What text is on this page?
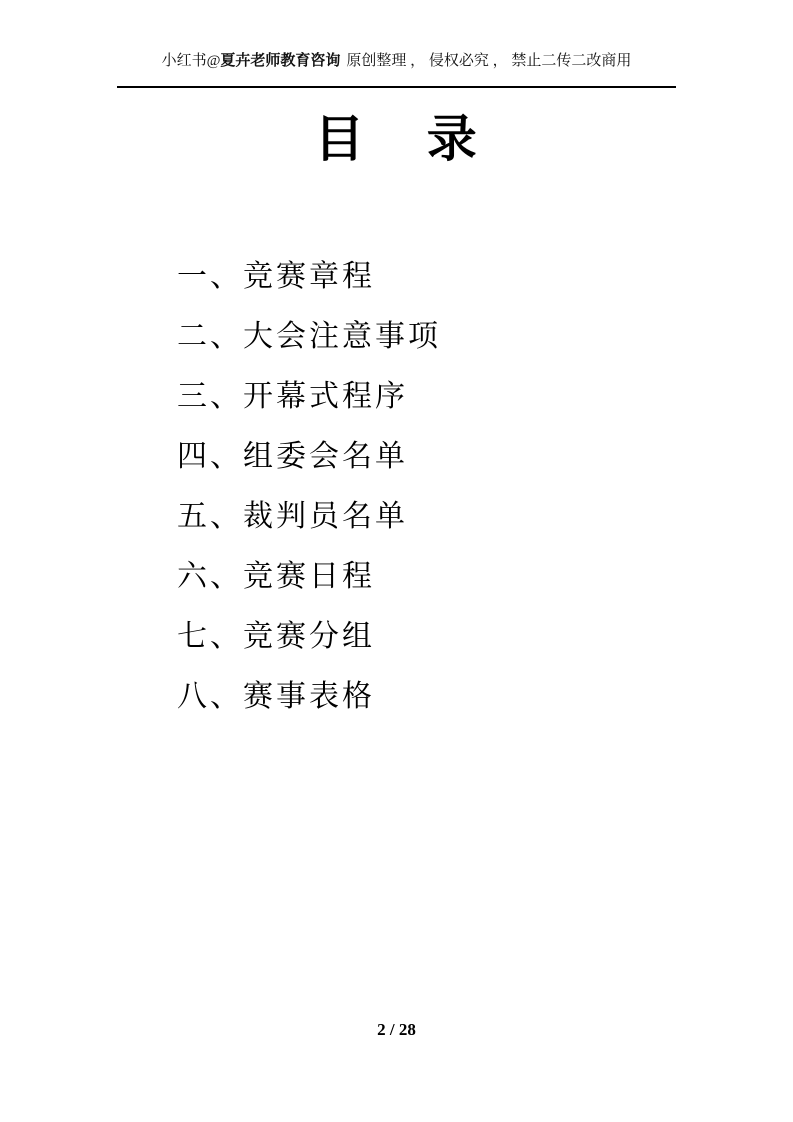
小红书@夏卉老师教育咨询 原创整理 ， 侵权必究 ， 禁止二传二改商用
目 录
一、竞赛章程
二、大会注意事项
三、开幕式程序
四、组委会名单
五、裁判员名单
六、竞赛日程
七、竞赛分组
八、赛事表格
2 / 28
